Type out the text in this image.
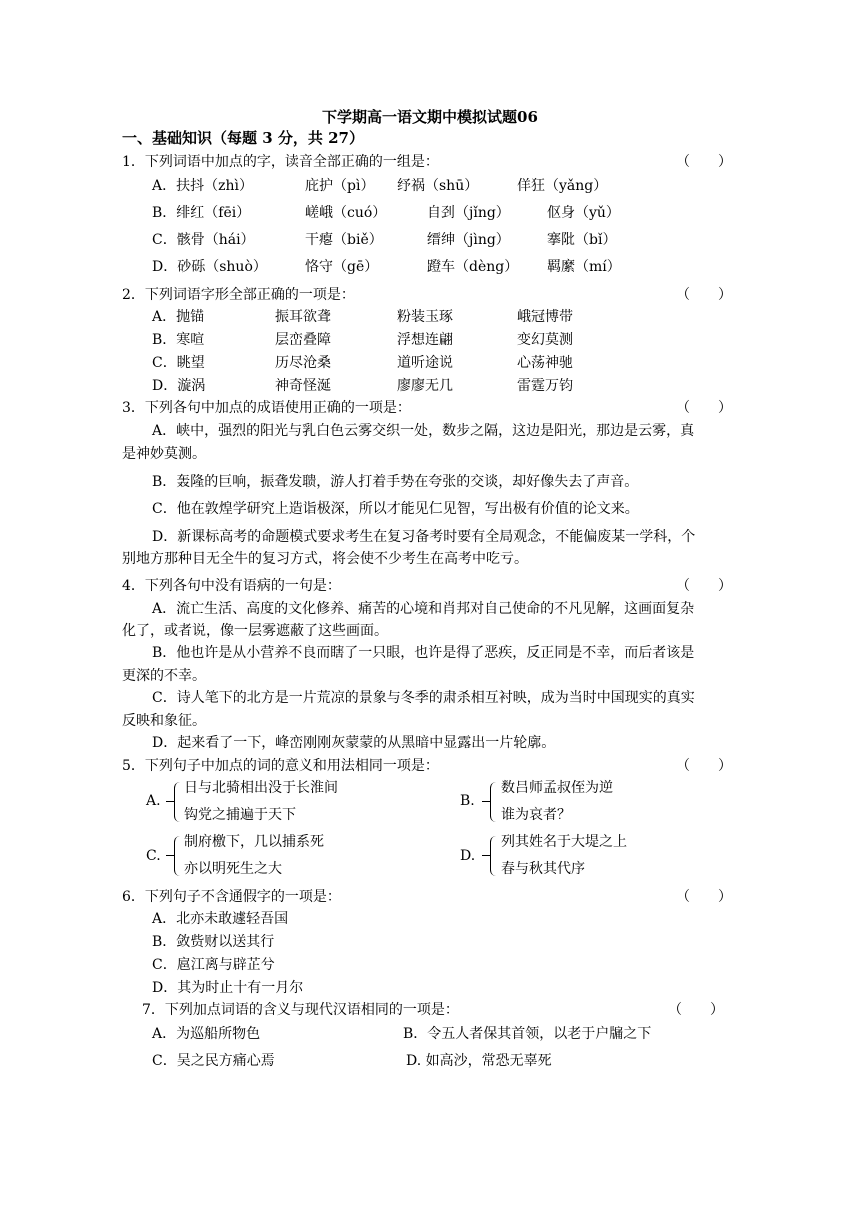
下学期高一语文期中模拟试题06
一、基础知识（每题 3 分，共 27）
1．下列词语中加点的字，读音全部正确的一组是：	（　　）
A．扶抖（zhì）	庇护（pì） 纾祸（shū）	佯狂（yǎng）
B．绯红（fēi）	嵯峨（cuó）	自刭（jǐng）	伛身（yǔ）
C．骸骨（hái）	干瘪（biě）	缙绅（jìng）	搴阰（bǐ）
D．砂砾（shuò）	恪守（gē）	蹬车（dèng） 羁縻（mí）
2．下列词语字形全部正确的一项是：	（　　）
A．抛锚	振耳欲聋	粉装玉琢	峨冠博带
B．寒喧	层峦叠障	浮想连翩	变幻莫测
C．眺望	历尽沧桑	道听途说	心荡神驰
D．漩涡	神奇怪涎	廖廖无几	雷霆万钧
3．下列各句中加点的成语使用正确的一项是：	（　　）
A．峡中，强烈的阳光与乳白色云雾交织一处，数步之隔，这边是阳光，那边是云雾，真
是神妙莫测。
B．轰隆的巨响，振聋发聩，游人打着手势在夸张的交谈，却好像失去了声音。
C．他在敦煌学研究上造诣极深，所以才能见仁见智，写出极有价值的论文来。
D．新课标高考的命题模式要求考生在复习备考时要有全局观念，不能偏废某一学科，个
别地方那种目无全牛的复习方式，将会使不少考生在高考中吃亏。
4．下列各句中没有语病的一句是：	（　　）
A．流亡生活、高度的文化修养、痛苦的心境和肖邦对自己使命的不凡见解，这画面复杂
化了，或者说，像一层雾遮蔽了这些画面。
B．他也许是从小营养不良而瞎了一只眼，也许是得了恶疾，反正同是不幸，而后者该是
更深的不幸。
C．诗人笔下的北方是一片荒凉的景象与冬季的肃杀相互衬映，成为当时中国现实的真实
反映和象征。
D．起来看了一下，峰峦刚刚灰蒙蒙的从黑暗中显露出一片轮廓。
5．下列句子中加点的词的意义和用法相同一项是：	（　　）
A.
日与北骑相出没于长淮间
钩党之捕遍于天下
B.
数吕师孟叔侄为逆
谁为哀者？
C.
制府檄下，几以捕系死
亦以明死生之大
D.
列其姓名于大堤之上
春与秋其代序
6．下列句子不含通假字的一项是：	（　　）
A．北亦未敢遽轻吾国
B．敛赀财以送其行
C．扈江离与辟芷兮
D．其为时止十有一月尔
7．下列加点词语的含义与现代汉语相同的一项是：	（　　）
A．为巡船所物色	B．令五人者保其首领，以老于户牖之下
C．吴之民方痛心焉	D. 如高沙，常恐无辜死
